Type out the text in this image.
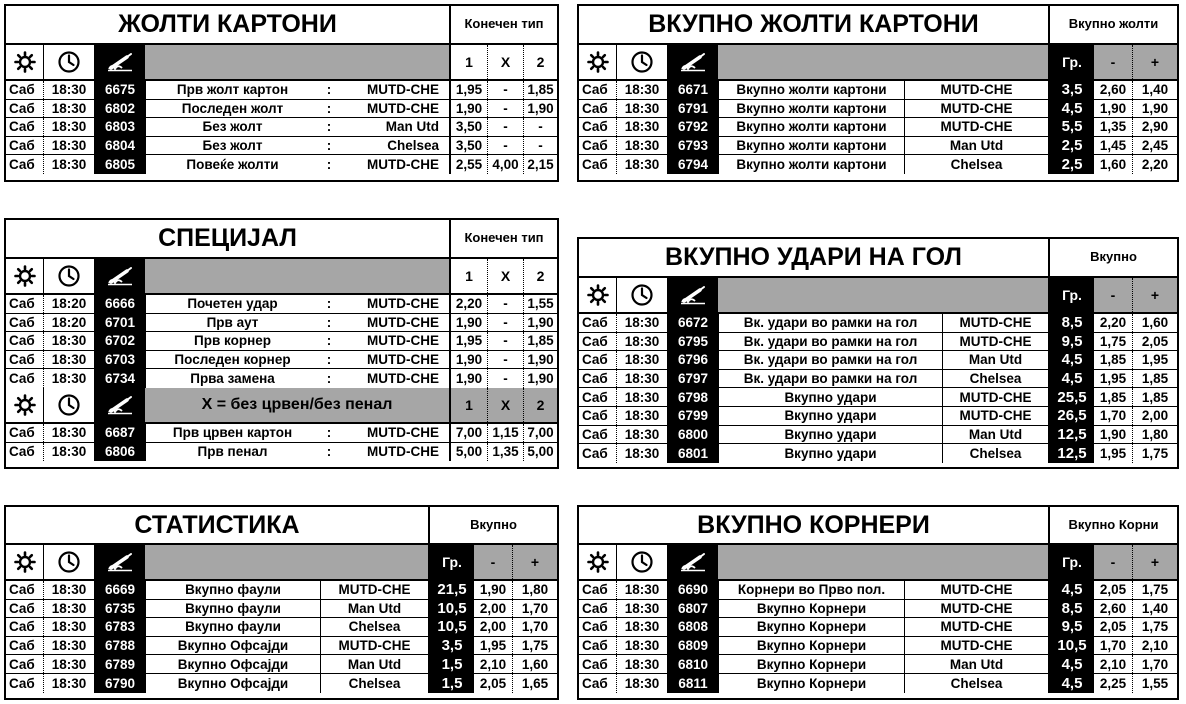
ЖОЛТИ КАРТОНИ	Конечен тип
1	X	2
Саб	18:30	6675	Прв жолт картон	:	MUTD-CHE	1,95	-	1,85
Саб	18:30	6802	Последен жолт	:	MUTD-CHE	1,90	-	1,90
Саб	18:30	6803	Без жолт	:	Man Utd	3,50	-	-
Саб	18:30	6804	Без жолт	:	Chelsea	3,50	-	-
Саб	18:30	6805	Повеќе жолти	:	MUTD-CHE	2,55 4,00 2,15
ВКУПНО ЖОЛТИ КАРТОНИ	Вкупно жолти
Гр.	-	+
Саб	18:30	6671	Вкупно жолти картони	MUTD-CHE	3,5	2,60	1,40
Саб	18:30	6791	Вкупно жолти картони	MUTD-CHE	4,5	1,90	1,90
Саб	18:30	6792	Вкупно жолти картони	MUTD-CHE	5,5	1,35	2,90
Саб	18:30	6793	Вкупно жолти картони	Man Utd	2,5	1,45	2,45
Саб	18:30	6794	Вкупно жолти картони	Chelsea	2,5	1,60	2,20
СПЕЦИЈАЛ	Конечен тип
1	X	2
Саб	18:20	6666	Почетен удар	:	MUTD-CHE	2,20	-	1,55
Саб	18:20	6701	Прв аут	:	MUTD-CHE	1,90	-	1,90
Саб	18:30	6702	Прв корнер	:	MUTD-CHE	1,95	-	1,85
Саб	18:30	6703	Последен корнер	:	MUTD-CHE	1,90	-	1,90
Саб	18:30	6734	Прва замена	:	MUTD-CHE	1,90	-	1,90
X = без црвен/без пенал	1	X	2
Саб	18:30	6687	Прв црвен картон	:	MUTD-CHE	7,00 1,15 7,00
Саб	18:30	6806	Прв пенал	:	MUTD-CHE	5,00 1,35 5,00
ВКУПНО УДАРИ НА ГОЛ	Вкупно
Гр.	-	+
Саб	18:30	6672	Вк. удари во рамки на гол	MUTD-CHE	8,5	2,20	1,60
Саб	18:30	6795	Вк. удари во рамки на гол	MUTD-CHE	9,5	1,75	2,05
Саб	18:30	6796	Вк. удари во рамки на гол	Man Utd	4,5	1,85	1,95
Саб	18:30	6797	Вк. удари во рамки на гол	Chelsea	4,5	1,95	1,85
Саб	18:30	6798	Вкупно удари	MUTD-CHE	25,5 1,85	1,85
Саб	18:30	6799	Вкупно удари	MUTD-CHE	26,5 1,70	2,00
Саб	18:30	6800	Вкупно удари	Man Utd	12,5 1,90	1,80
Саб	18:30	6801	Вкупно удари	Chelsea	12,5 1,95	1,75
СТАТИСТИКА	Вкупно
Гр.	-	+
Саб	18:30	6669	Вкупно фаули	MUTD-CHE	21,5 1,90	1,80
Саб	18:30	6735	Вкупно фаули	Man Utd	10,5 2,00	1,70
Саб	18:30	6783	Вкупно фаули	Chelsea	10,5 2,00	1,70
Саб	18:30	6788	Вкупно Офсајди	MUTD-CHE	3,5	1,95	1,75
Саб	18:30	6789	Вкупно Офсајди	Man Utd	1,5	2,10	1,60
Саб	18:30	6790	Вкупно Офсајди	Chelsea	1,5	2,05	1,65
ВКУПНО КОРНЕРИ	Вкупно Корни
Гр.	-	+
Саб	18:30	6690	Корнери во Прво пол.	MUTD-CHE	4,5	2,05	1,75
Саб	18:30	6807	Вкупно Корнери	MUTD-CHE	8,5	2,60	1,40
Саб	18:30	6808	Вкупно Корнери	MUTD-CHE	9,5	2,05	1,75
Саб	18:30	6809	Вкупно Корнери	MUTD-CHE	10,5 1,70	2,10
Саб	18:30	6810	Вкупно Корнери	Man Utd	4,5	2,10	1,70
Саб	18:30	6811	Вкупно Корнери	Chelsea	4,5	2,25	1,55
